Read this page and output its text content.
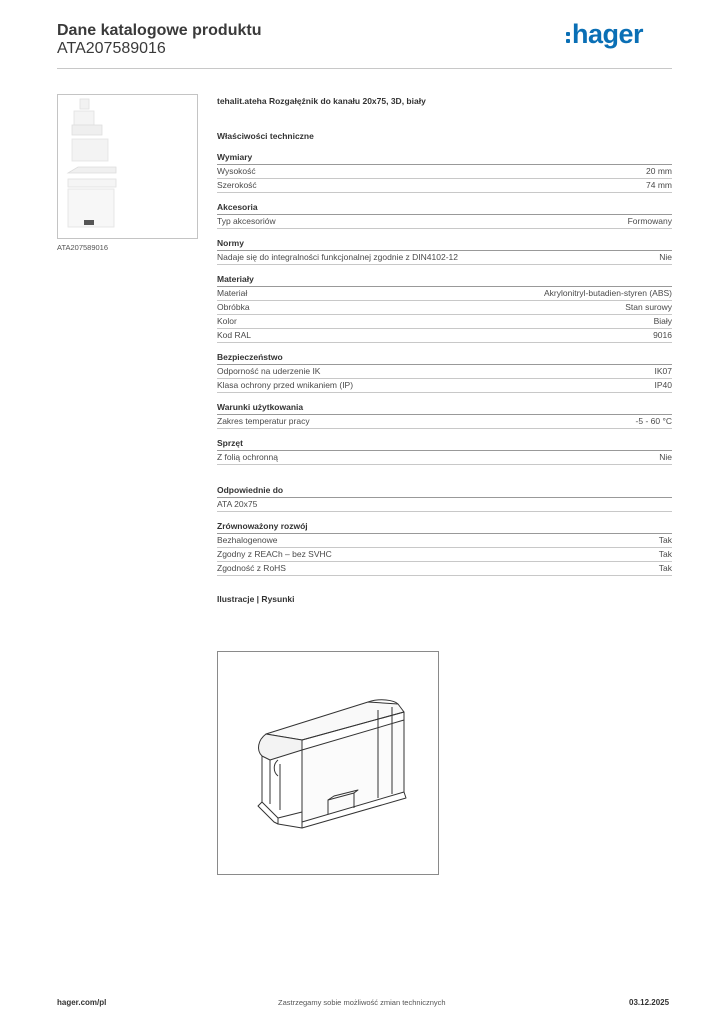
Dane katalogowe produktu
ATA207589016	hager
ATA207589016
tehalit.ateha Rozgałęźnik do kanału 20x75, 3D, biały
Właściwości techniczne
Wymiary
Wysokość	20 mm
Szerokość	74 mm
Akcesoria
Typ akcesoriów	Formowany
Normy
Nadaje się do integralności funkcjonalnej zgodnie z DIN4102-12	Nie
Materiały
Materiał	Akrylonitryl-butadien-styren (ABS)
Obróbka	Stan surowy
Kolor	Biały
Kod RAL	9016
Bezpieczeństwo
Odporność na uderzenie IK	IK07
Klasa ochrony przed wnikaniem (IP)	IP40
Warunki użytkowania
Zakres temperatur pracy	-5 - 60 °C
Sprzęt
Z folią ochronną	Nie
Odpowiednie do
ATA 20x75
Zrównoważony rozwój
Bezhalogenowe	Tak
Zgodny z REACh – bez SVHC	Tak
Zgodność z RoHS	Tak
Ilustracje | Rysunki
hager.com/pl	Zastrzegamy sobie możliwość zmian technicznych	03.12.2025
